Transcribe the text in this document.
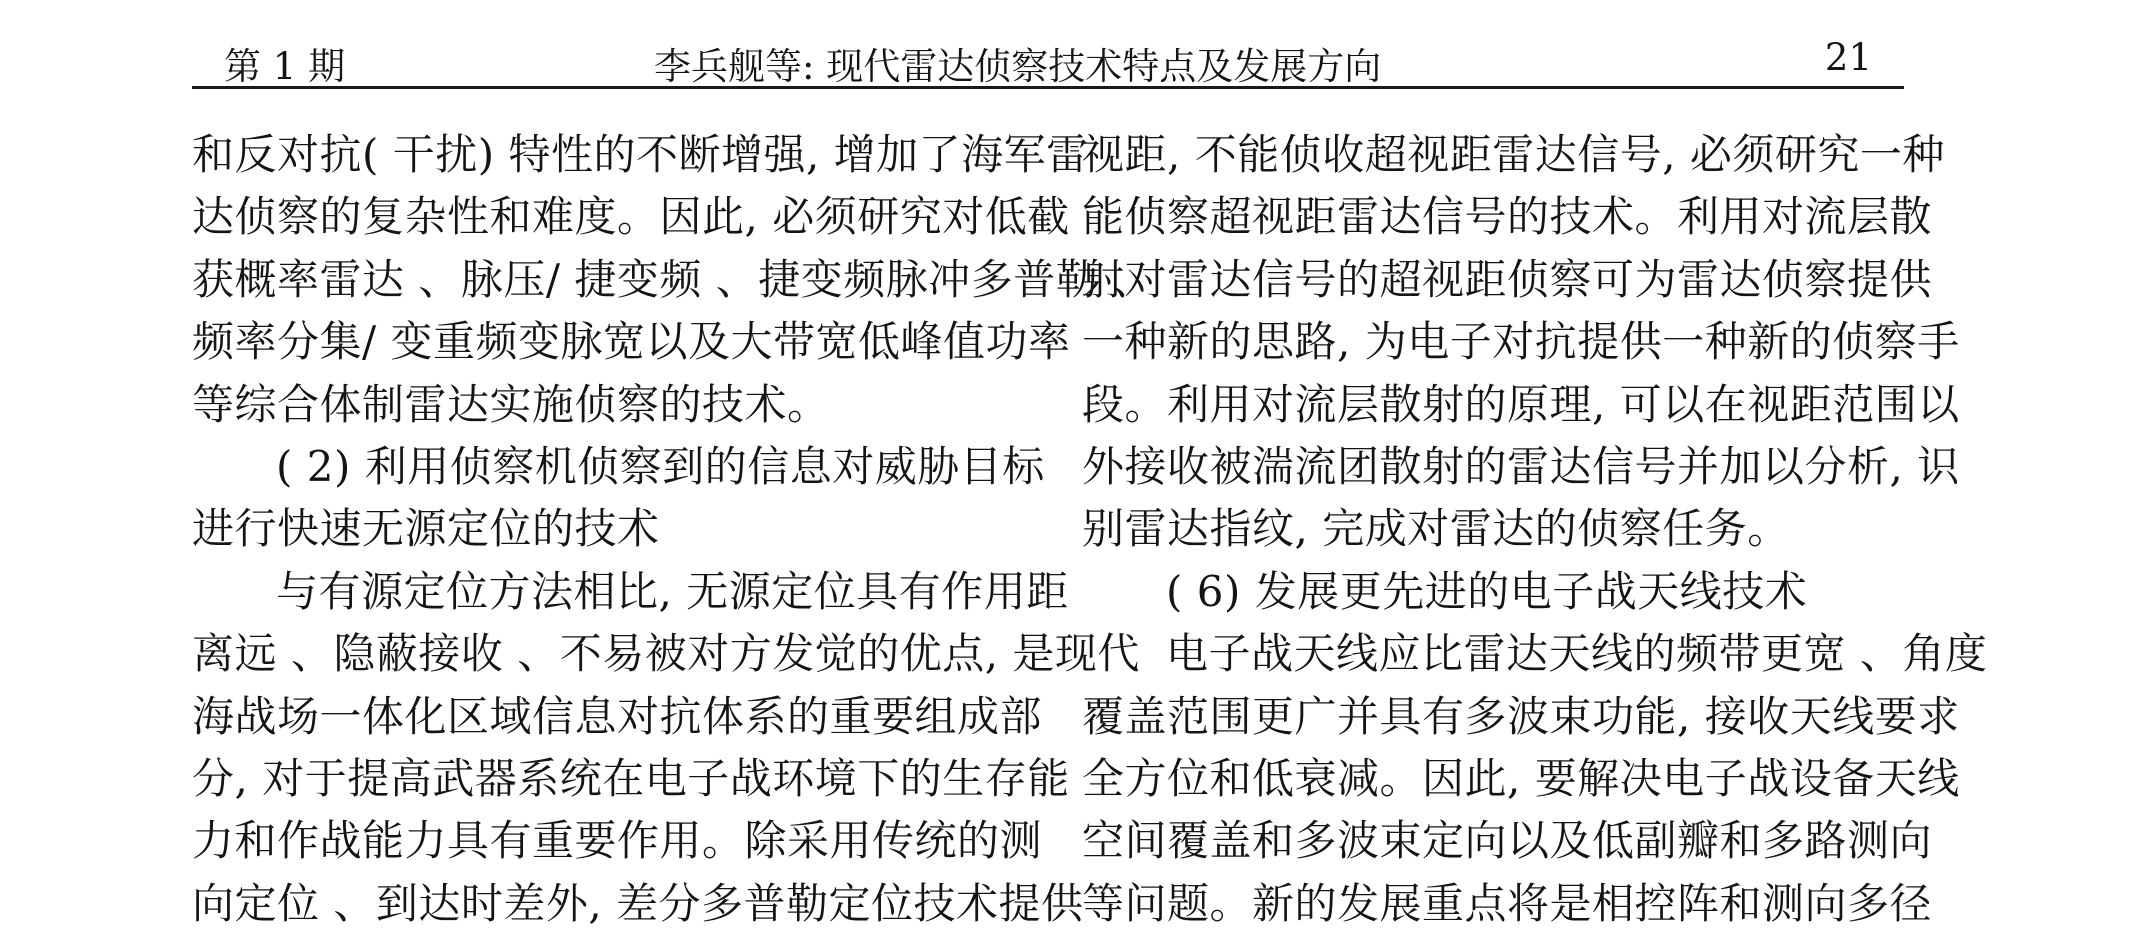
第 1 期	李兵舰等: 现代雷达侦察技术特点及发展方向	21
和反对抗( 干扰) 特性的不断增强, 增加了海军雷
达侦察的复杂性和难度。因此, 必须研究对低截
获概率雷达 、脉压/ 捷变频 、捷变频脉冲多普勒 、
频率分集/ 变重频变脉宽以及大带宽低峰值功率
等综合体制雷达实施侦察的技术。
( 2) 利用侦察机侦察到的信息对威胁目标
进行快速无源定位的技术
与有源定位方法相比, 无源定位具有作用距
离远 、隐蔽接收 、不易被对方发觉的优点, 是现代
海战场一体化区域信息对抗体系的重要组成部
分, 对于提高武器系统在电子战环境下的生存能
力和作战能力具有重要作用。除采用传统的测
向定位 、到达时差外, 差分多普勒定位技术提供
视距, 不能侦收超视距雷达信号, 必须研究一种
能侦察超视距雷达信号的技术。利用对流层散
射对雷达信号的超视距侦察可为雷达侦察提供
一种新的思路, 为电子对抗提供一种新的侦察手
段。利用对流层散射的原理, 可以在视距范围以
外接收被湍流团散射的雷达信号并加以分析, 识
别雷达指纹, 完成对雷达的侦察任务。
( 6) 发展更先进的电子战天线技术
电子战天线应比雷达天线的频带更宽 、角度
覆盖范围更广并具有多波束功能, 接收天线要求
全方位和低衰减。因此, 要解决电子战设备天线
空间覆盖和多波束定向以及低副瓣和多路测向
等问题。新的发展重点将是相控阵和测向多径
